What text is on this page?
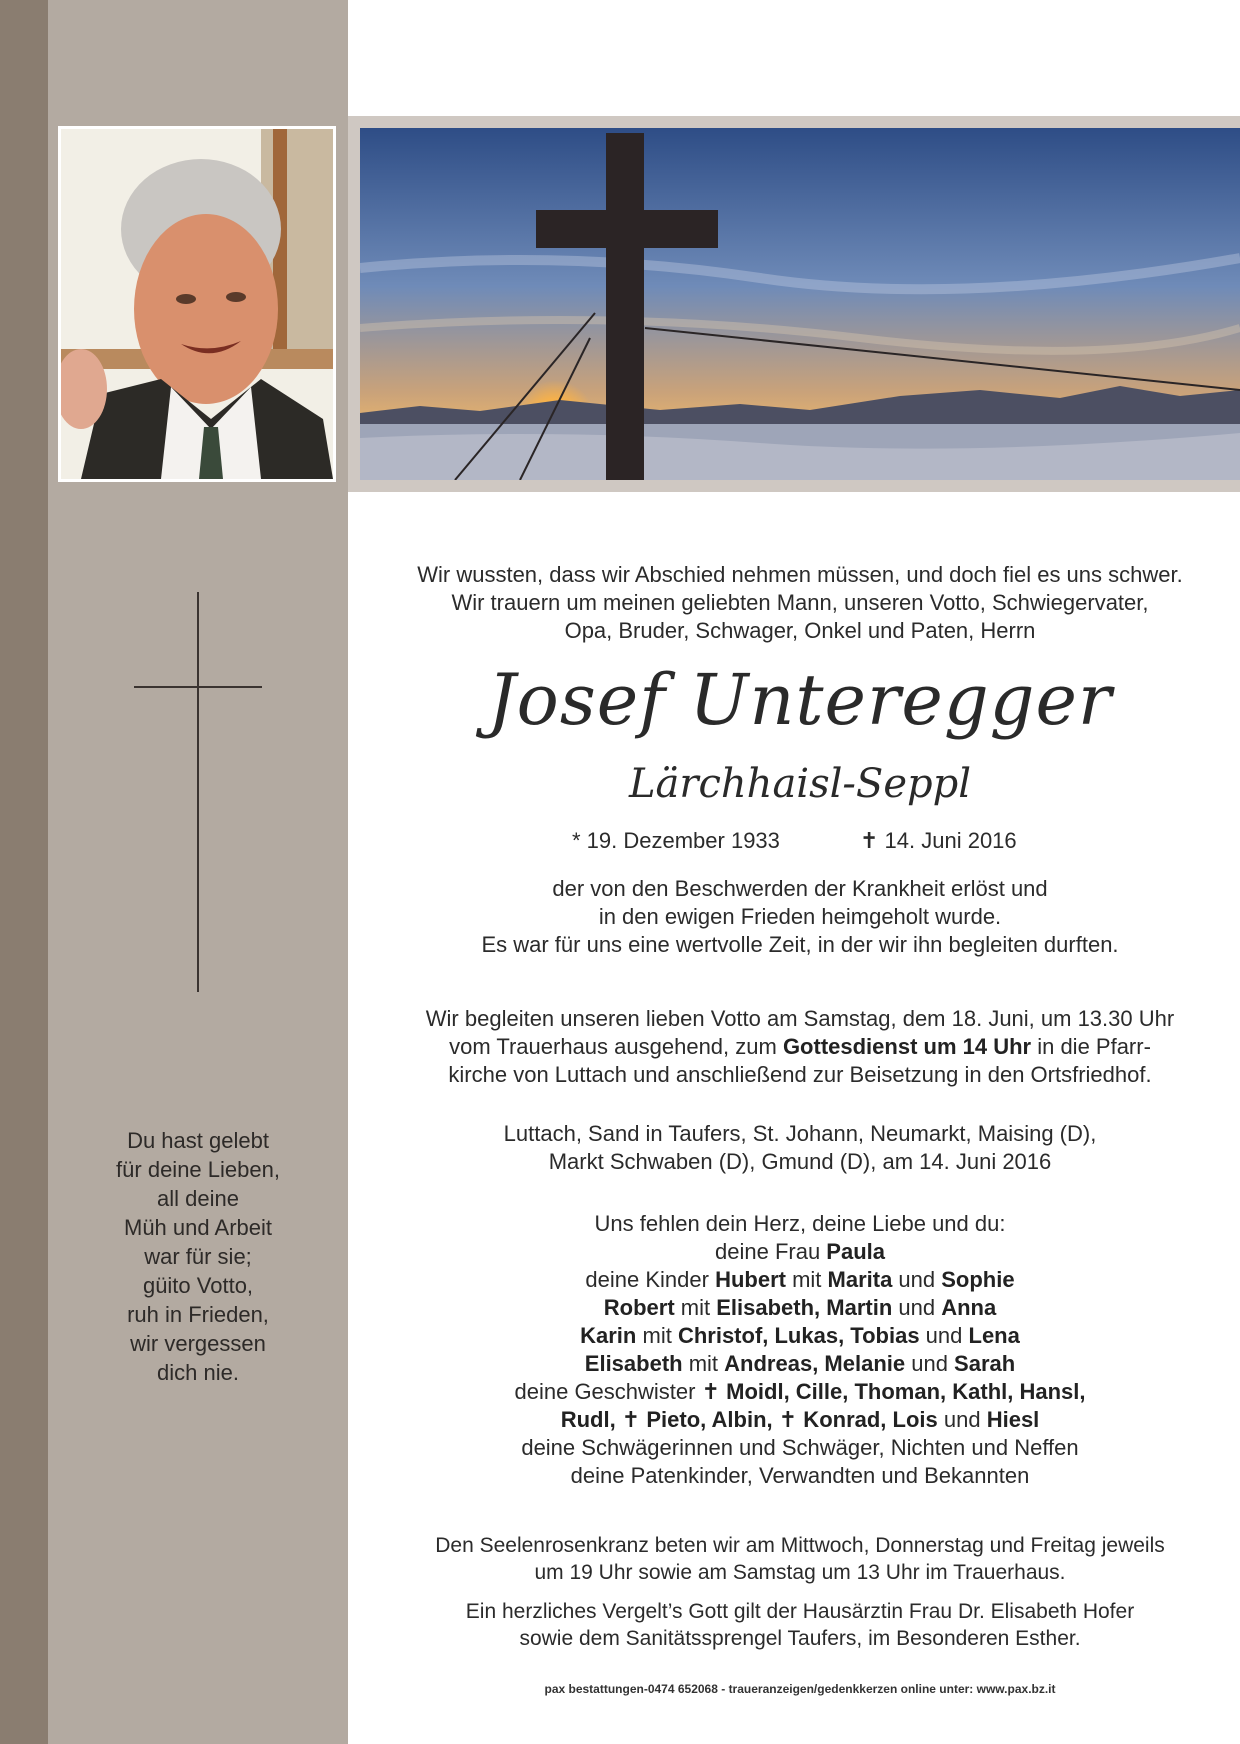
Du hast gelebt
für deine Lieben,
all deine
Müh und Arbeit
war für sie;
güito Votto,
ruh in Frieden,
wir vergessen
dich nie.
Wir wussten, dass wir Abschied nehmen müssen, und doch fiel es uns schwer.
Wir trauern um meinen geliebten Mann, unseren Votto, Schwiegervater,
Opa, Bruder, Schwager, Onkel und Paten, Herrn
Josef Unteregger
Lärchhaisl-Seppl
* 19. Dezember 1933	✝ 14. Juni 2016
der von den Beschwerden der Krankheit erlöst und
in den ewigen Frieden heimgeholt wurde.
Es war für uns eine wertvolle Zeit, in der wir ihn begleiten durften.
Wir begleiten unseren lieben Votto am Samstag, dem 18. Juni, um 13.30 Uhr
vom Trauerhaus ausgehend, zum Gottesdienst um 14 Uhr in die Pfarr-
kirche von Luttach und anschließend zur Beisetzung in den Ortsfriedhof.
Luttach, Sand in Taufers, St. Johann, Neumarkt, Maising (D),
Markt Schwaben (D), Gmund (D), am 14. Juni 2016
Uns fehlen dein Herz, deine Liebe und du:
deine Frau Paula
deine Kinder Hubert mit Marita und Sophie
Robert mit Elisabeth, Martin und Anna
Karin mit Christof, Lukas, Tobias und Lena
Elisabeth mit Andreas, Melanie und Sarah
deine Geschwister ✝ Moidl, Cille, Thoman, Kathl, Hansl,
Rudl, ✝ Pieto, Albin, ✝ Konrad, Lois und Hiesl
deine Schwägerinnen und Schwäger, Nichten und Neffen
deine Patenkinder, Verwandten und Bekannten
Den Seelenrosenkranz beten wir am Mittwoch, Donnerstag und Freitag jeweils
um 19 Uhr sowie am Samstag um 13 Uhr im Trauerhaus.
Ein herzliches Vergelt’s Gott gilt der Hausärztin Frau Dr. Elisabeth Hofer
sowie dem Sanitätssprengel Taufers, im Besonderen Esther.
pax bestattungen-0474 652068 - traueranzeigen/gedenkkerzen online unter: www.pax.bz.it
